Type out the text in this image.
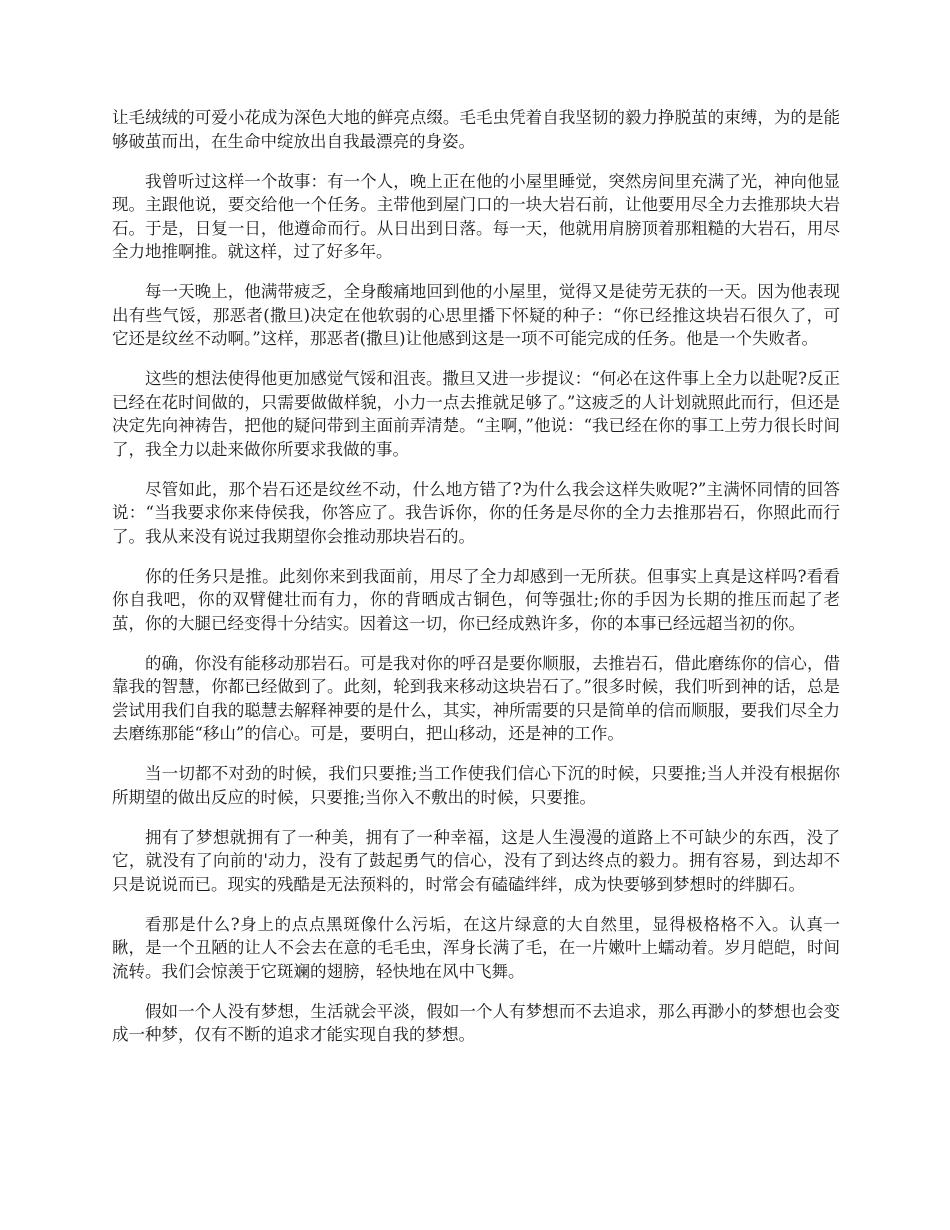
让毛绒绒的可爱小花成为深色大地的鲜亮点缀。毛毛虫凭着自我坚韧的毅力挣脱茧的束缚，为的是能够破茧而出，在生命中绽放出自我最漂亮的身姿。

我曾听过这样一个故事：有一个人，晚上正在他的小屋里睡觉，突然房间里充满了光，神向他显现。主跟他说，要交给他一个任务。主带他到屋门口的一块大岩石前，让他要用尽全力去推那块大岩石。于是，日复一日，他遵命而行。从日出到日落。每一天，他就用肩膀顶着那粗糙的大岩石，用尽全力地推啊推。就这样，过了好多年。

每一天晚上，他满带疲乏，全身酸痛地回到他的小屋里，觉得又是徒劳无获的一天。因为他表现出有些气馁，那恶者(撒旦)决定在他软弱的心思里播下怀疑的种子：“你已经推这块岩石很久了，可它还是纹丝不动啊。”这样，那恶者(撒旦)让他感到这是一项不可能完成的任务。他是一个失败者。

这些的想法使得他更加感觉气馁和沮丧。撒旦又进一步提议：“何必在这件事上全力以赴呢?反正已经在花时间做的，只需要做做样貌，小力一点去推就足够了。”这疲乏的人计划就照此而行，但还是决定先向神祷告，把他的疑问带到主面前弄清楚。“主啊，”他说：“我已经在你的事工上劳力很长时间了，我全力以赴来做你所要求我做的事。

尽管如此，那个岩石还是纹丝不动，什么地方错了?为什么我会这样失败呢?”主满怀同情的回答说：“当我要求你来侍侯我，你答应了。我告诉你，你的任务是尽你的全力去推那岩石，你照此而行了。我从来没有说过我期望你会推动那块岩石的。

你的任务只是推。此刻你来到我面前，用尽了全力却感到一无所获。但事实上真是这样吗?看看你自我吧，你的双臂健壮而有力，你的背晒成古铜色，何等强壮;你的手因为长期的推压而起了老茧，你的大腿已经变得十分结实。因着这一切，你已经成熟许多，你的本事已经远超当初的你。

的确，你没有能移动那岩石。可是我对你的呼召是要你顺服，去推岩石，借此磨练你的信心，借靠我的智慧，你都已经做到了。此刻，轮到我来移动这块岩石了。”很多时候，我们听到神的话，总是尝试用我们自我的聪慧去解释神要的是什么，其实，神所需要的只是简单的信而顺服，要我们尽全力去磨练那能“移山”的信心。可是，要明白，把山移动，还是神的工作。

当一切都不对劲的时候，我们只要推;当工作使我们信心下沉的时候，只要推;当人并没有根据你所期望的做出反应的时候，只要推;当你入不敷出的时候，只要推。

拥有了梦想就拥有了一种美，拥有了一种幸福，这是人生漫漫的道路上不可缺少的东西，没了它，就没有了向前的'动力，没有了鼓起勇气的信心，没有了到达终点的毅力。拥有容易，到达却不只是说说而已。现实的残酷是无法预料的，时常会有磕磕绊绊，成为快要够到梦想时的绊脚石。

看那是什么?身上的点点黑斑像什么污垢，在这片绿意的大自然里，显得极格格不入。认真一瞅，是一个丑陋的让人不会去在意的毛毛虫，浑身长满了毛，在一片嫩叶上蠕动着。岁月皑皑，时间流转。我们会惊羡于它斑斓的翅膀，轻快地在风中飞舞。

假如一个人没有梦想，生活就会平淡，假如一个人有梦想而不去追求，那么再渺小的梦想也会变成一种梦，仅有不断的追求才能实现自我的梦想。
